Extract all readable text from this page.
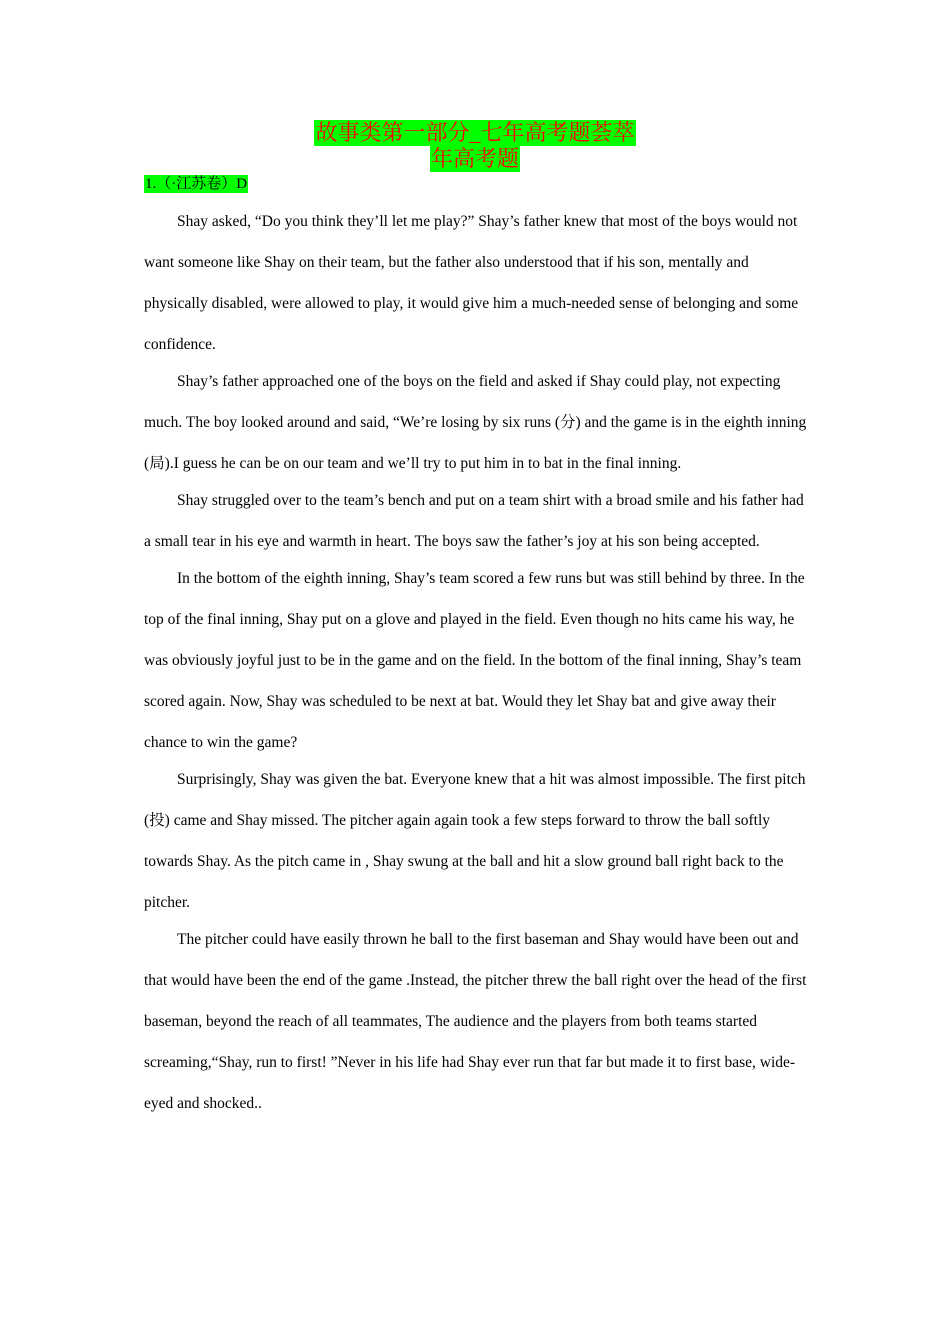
故事类第一部分_七年高考题荟萃
年高考题
1.（·江苏卷）D

Shay asked, “Do you think they’ll let me play?” Shay’s father knew that most of the boys would not want someone like Shay on their team, but the father also understood that if his son, mentally and physically disabled, were allowed to play, it would give him a much-needed sense of belonging and some confidence.

Shay’s father approached one of the boys on the field and asked if Shay could play, not expecting much. The boy looked around and said, “We’re losing by six runs (分) and the game is in the eighth inning (局).I guess he can be on our team and we’ll try to put him in to bat in the final inning.

Shay struggled over to the team’s bench and put on a team shirt with a broad smile and his father had a small tear in his eye and warmth in heart. The boys saw the father’s joy at his son being accepted.

In the bottom of the eighth inning, Shay’s team scored a few runs but was still behind by three. In the top of the final inning, Shay put on a glove and played in the field. Even though no hits came his way, he was obviously joyful just to be in the game and on the field. In the bottom of the final inning, Shay’s team scored again. Now, Shay was scheduled to be next at bat. Would they let Shay bat and give away their chance to win the game?

Surprisingly, Shay was given the bat. Everyone knew that a hit was almost impossible. The first pitch (投) came and Shay missed. The pitcher again again took a few steps forward to throw the ball softly towards Shay. As the pitch came in , Shay swung at the ball and hit a slow ground ball right back to the pitcher.

The pitcher could have easily thrown he ball to the first baseman and Shay would have been out and that would have been the end of the game .Instead, the pitcher threw the ball right over the head of the first baseman, beyond the reach of all teammates, The audience and the players from both teams started screaming,“Shay, run to first! ”Never in his life had Shay ever run that far but made it to first base, wide-eyed and shocked..
